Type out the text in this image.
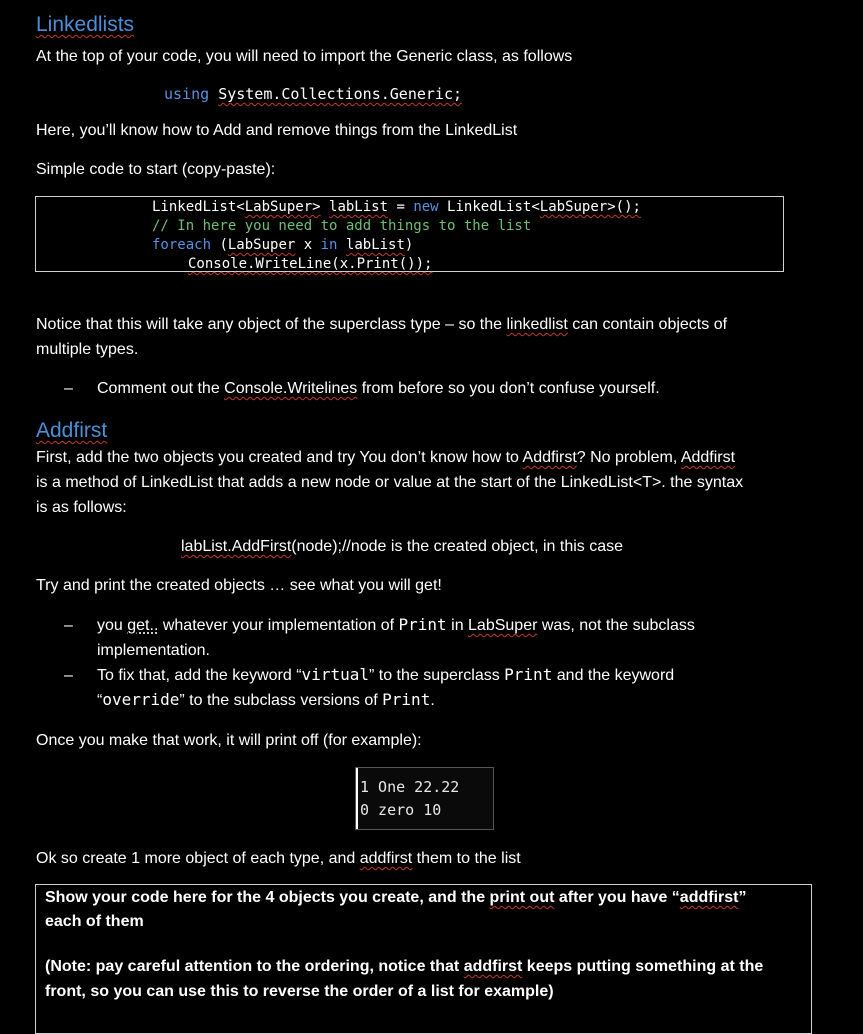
Linkedlists
At the top of your code, you will need to import the Generic class, as follows
using System.Collections.Generic;
Here, you’ll know how to Add and remove things from the LinkedList
Simple code to start (copy-paste):
LinkedList<LabSuper> labList = new LinkedList<LabSuper>();
// In here you need to add things to the list
foreach (LabSuper x in labList)
Console.WriteLine(x.Print());
Notice that this will take any object of the superclass type – so the linkedlist can contain objects of
multiple types.
– Comment out the Console.Writelines from before so you don’t confuse yourself.
Addfirst
First, add the two objects you created and try You don’t know how to Addfirst? No problem, Addfirst
is a method of LinkedList that adds a new node or value at the start of the LinkedList<T>. the syntax
is as follows:
labList.AddFirst(node);//node is the created object, in this case
Try and print the created objects … see what you will get!
– you get.. whatever your implementation of Print in LabSuper was, not the subclass
implementation.
– To fix that, add the keyword “virtual” to the superclass Print and the keyword
“override” to the subclass versions of Print.
Once you make that work, it will print off (for example):
1 One 22.22
0 zero 10
Ok so create 1 more object of each type, and addfirst them to the list
Show your code here for the 4 objects you create, and the print out after you have “addfirst”
each of them
(Note: pay careful attention to the ordering, notice that addfirst keeps putting something at the
front, so you can use this to reverse the order of a list for example)
